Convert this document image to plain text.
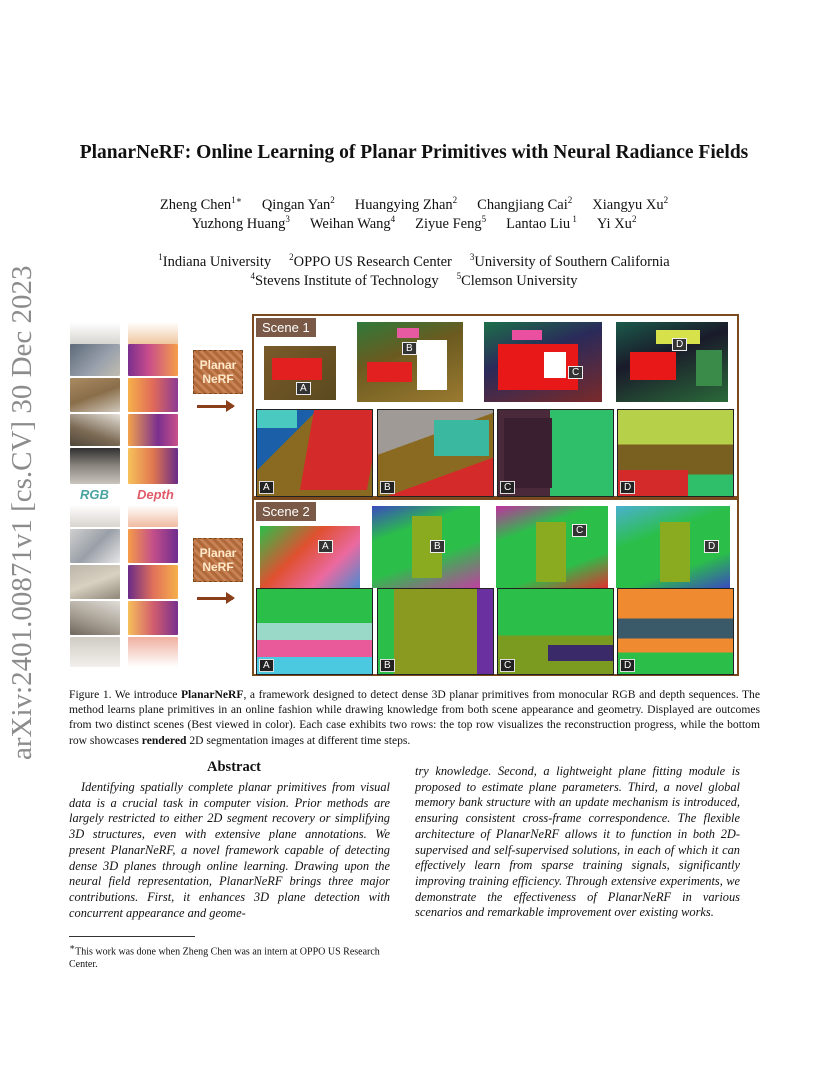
arXiv:2401.00871v1 [cs.CV] 30 Dec 2023
PlanarNeRF: Online Learning of Planar Primitives with Neural Radiance Fields
Zheng Chen$^{1∗}$ Qingan Yan$^2$ Huangying Zhan$^2$ Changjiang Cai$^2$ Xiangyu Xu$^2$
Yuzhong Huang$^3$ Weihan Wang$^4$ Ziyue Feng$^5$ Lantao Liu $^1$ Yi Xu$^2$
$^1$Indiana University $^2$OPPO US Research Center $^3$University of Southern California
$^4$Stevens Institute of Technology $^5$Clemson University
RGB Depth
Planar
NeRF
Planar
NeRF
Scene 1
A
B
C
D
A	B	C	D
Scene 2
A	B
C
D
A	B	C	D
Figure 1. We introduce PlanarNeRF, a framework designed to detect dense 3D planar primitives from monocular RGB and depth sequences. The method learns plane primitives in an online fashion while drawing knowledge from both scene appearance and geometry. Displayed are outcomes from two distinct scenes (Best viewed in color). Each case exhibits two rows: the top row visualizes the reconstruction progress, while the bottom row showcases rendered 2D segmentation images at different time steps.
Abstract
Identifying spatially complete planar primitives from visual data is a crucial task in computer vision. Prior methods are largely restricted to either 2D segment recovery or simplifying 3D structures, even with extensive plane annotations. We present PlanarNeRF, a novel framework capable of detecting dense 3D planes through online learning. Drawing upon the neural field representation, PlanarNeRF brings three major contributions. First, it enhances 3D plane detection with concurrent appearance and geome-
try knowledge. Second, a lightweight plane fitting module is proposed to estimate plane parameters. Third, a novel global memory bank structure with an update mechanism is introduced, ensuring consistent cross-frame correspondence. The flexible architecture of PlanarNeRF allows it to function in both 2D-supervised and self-supervised solutions, in each of which it can effectively learn from sparse training signals, significantly improving training efficiency. Through extensive experiments, we demonstrate the effectiveness of PlanarNeRF in various scenarios and remarkable improvement over existing works.
∗This work was done when Zheng Chen was an intern at OPPO US Research Center.
